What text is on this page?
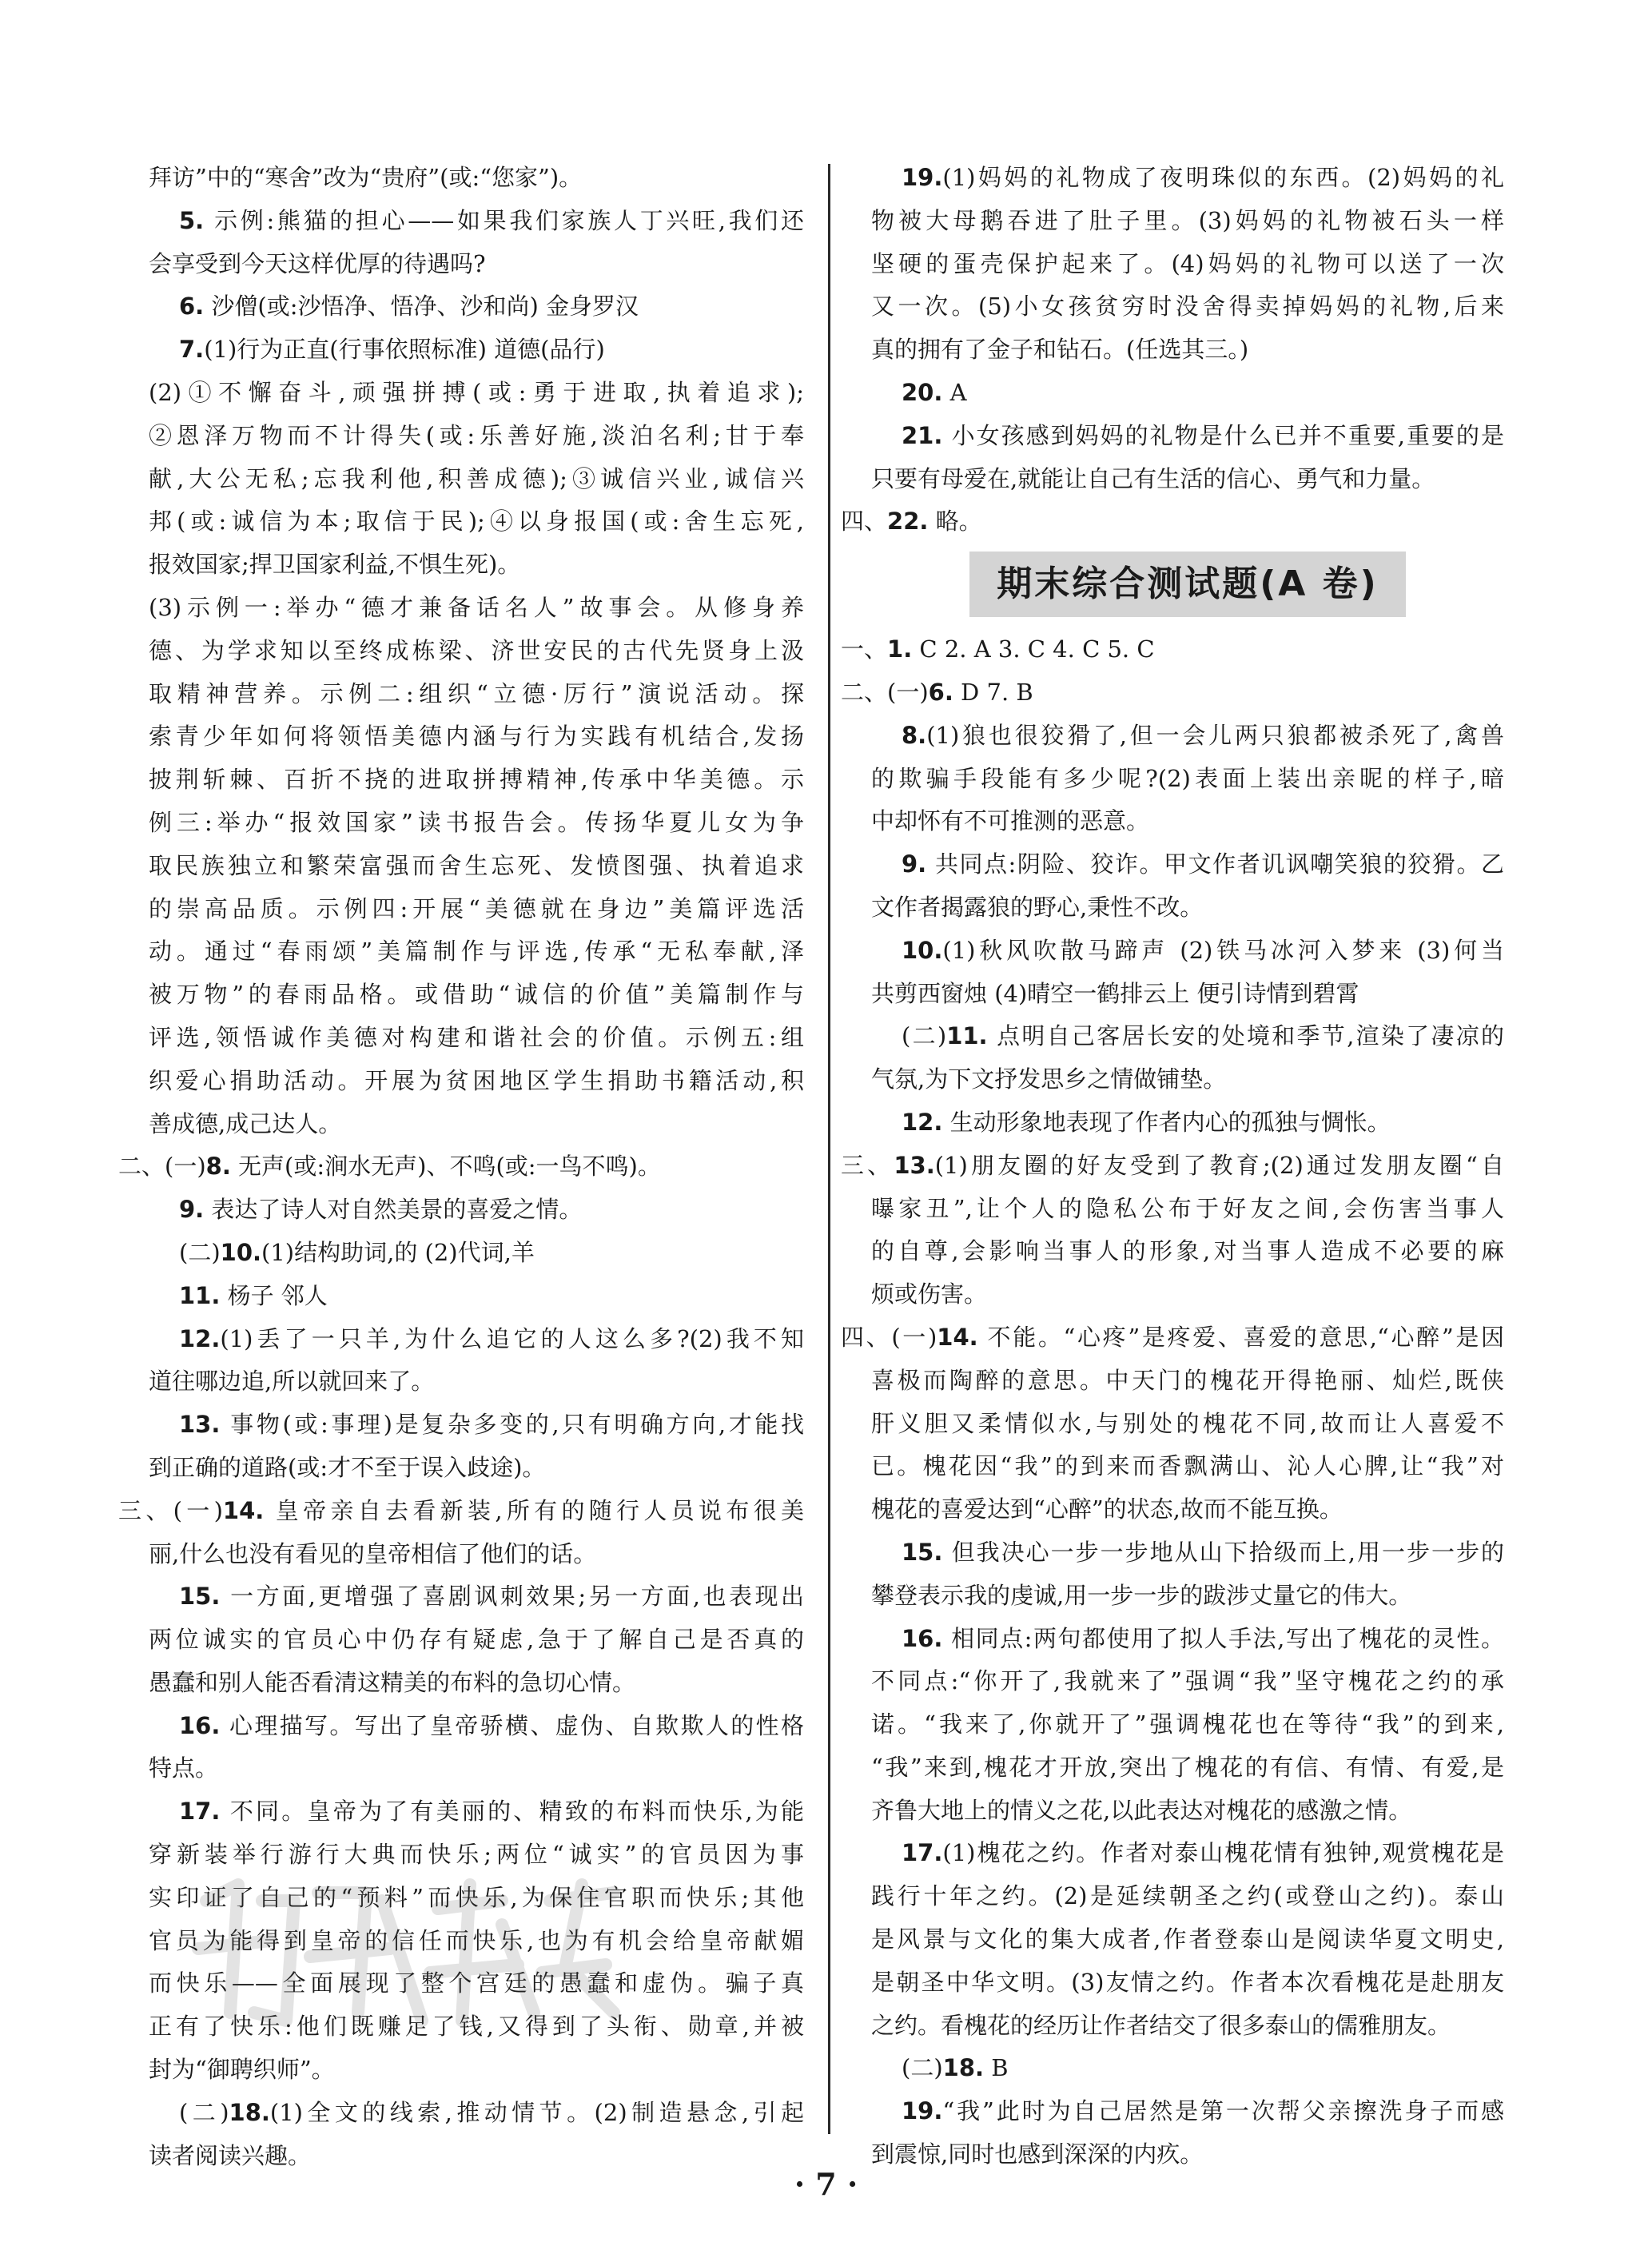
拜访”中的“寒舍”改为“贵府”(或:“您家”)。
5. 示例:熊猫的担心——如果我们家族人丁兴旺,我们还
会享受到今天这样优厚的待遇吗?
6. 沙僧(或:沙悟净、悟净、沙和尚) 金身罗汉
7.(1)行为正直(行事依照标准) 道德(品行)
(2)①不懈奋斗,顽强拼搏(或:勇于进取,执着追求);
②恩泽万物而不计得失(或:乐善好施,淡泊名利;甘于奉
献,大公无私;忘我利他,积善成德);③诚信兴业,诚信兴
邦(或:诚信为本;取信于民);④以身报国(或:舍生忘死,
报效国家;捍卫国家利益,不惧生死)。
(3)示例一:举办“德才兼备话名人”故事会。从修身养
德、为学求知以至终成栋梁、济世安民的古代先贤身上汲
取精神营养。示例二:组织“立德·厉行”演说活动。探
索青少年如何将领悟美德内涵与行为实践有机结合,发扬
披荆斩棘、百折不挠的进取拼搏精神,传承中华美德。示
例三:举办“报效国家”读书报告会。传扬华夏儿女为争
取民族独立和繁荣富强而舍生忘死、发愤图强、执着追求
的崇高品质。示例四:开展“美德就在身边”美篇评选活
动。通过“春雨颂”美篇制作与评选,传承“无私奉献,泽
被万物”的春雨品格。或借助“诚信的价值”美篇制作与
评选,领悟诚作美德对构建和谐社会的价值。示例五:组
织爱心捐助活动。开展为贫困地区学生捐助书籍活动,积
善成德,成己达人。
二、(一)8. 无声(或:涧水无声)、不鸣(或:一鸟不鸣)。
9. 表达了诗人对自然美景的喜爱之情。
(二)10.(1)结构助词,的 (2)代词,羊
11. 杨子 邻人
12.(1)丢了一只羊,为什么追它的人这么多?(2)我不知
道往哪边追,所以就回来了。
13. 事物(或:事理)是复杂多变的,只有明确方向,才能找
到正确的道路(或:才不至于误入歧途)。
三、(一)14. 皇帝亲自去看新装,所有的随行人员说布很美
丽,什么也没有看见的皇帝相信了他们的话。
15. 一方面,更增强了喜剧讽刺效果;另一方面,也表现出
两位诚实的官员心中仍存有疑虑,急于了解自己是否真的
愚蠢和别人能否看清这精美的布料的急切心情。
16. 心理描写。写出了皇帝骄横、虚伪、自欺欺人的性格
特点。
17. 不同。皇帝为了有美丽的、精致的布料而快乐,为能
穿新装举行游行大典而快乐;两位“诚实”的官员因为事
实印证了自己的“预料”而快乐,为保住官职而快乐;其他
官员为能得到皇帝的信任而快乐,也为有机会给皇帝献媚
而快乐——全面展现了整个宫廷的愚蠢和虚伪。骗子真
正有了快乐:他们既赚足了钱,又得到了头衔、勋章,并被
封为“御聘织师”。
(二)18.(1)全文的线索,推动情节。(2)制造悬念,引起
读者阅读兴趣。
19.(1)妈妈的礼物成了夜明珠似的东西。(2)妈妈的礼
物被大母鹅吞进了肚子里。(3)妈妈的礼物被石头一样
坚硬的蛋壳保护起来了。(4)妈妈的礼物可以送了一次
又一次。(5)小女孩贫穷时没舍得卖掉妈妈的礼物,后来
真的拥有了金子和钻石。(任选其三。)
20. A
21. 小女孩感到妈妈的礼物是什么已并不重要,重要的是
只要有母爱在,就能让自己有生活的信心、勇气和力量。
四、22. 略。
期末综合测试题(A 卷)
一、1. C 2. A 3. C 4. C 5. C
二、(一)6. D 7. B
8.(1)狼也很狡猾了,但一会儿两只狼都被杀死了,禽兽
的欺骗手段能有多少呢?(2)表面上装出亲昵的样子,暗
中却怀有不可推测的恶意。
9. 共同点:阴险、狡诈。甲文作者讥讽嘲笑狼的狡猾。乙
文作者揭露狼的野心,秉性不改。
10.(1)秋风吹散马蹄声 (2)铁马冰河入梦来 (3)何当
共剪西窗烛 (4)晴空一鹤排云上 便引诗情到碧霄
(二)11. 点明自己客居长安的处境和季节,渲染了凄凉的
气氛,为下文抒发思乡之情做铺垫。
12. 生动形象地表现了作者内心的孤独与惆怅。
三、13.(1)朋友圈的好友受到了教育;(2)通过发朋友圈“自
曝家丑”,让个人的隐私公布于好友之间,会伤害当事人
的自尊,会影响当事人的形象,对当事人造成不必要的麻
烦或伤害。
四、(一)14. 不能。“心疼”是疼爱、喜爱的意思,“心醉”是因
喜极而陶醉的意思。中天门的槐花开得艳丽、灿烂,既侠
肝义胆又柔情似水,与别处的槐花不同,故而让人喜爱不
已。槐花因“我”的到来而香飘满山、沁人心脾,让“我”对
槐花的喜爱达到“心醉”的状态,故而不能互换。
15. 但我决心一步一步地从山下拾级而上,用一步一步的
攀登表示我的虔诚,用一步一步的跋涉丈量它的伟大。
16. 相同点:两句都使用了拟人手法,写出了槐花的灵性。
不同点:“你开了,我就来了”强调“我”坚守槐花之约的承
诺。“我来了,你就开了”强调槐花也在等待“我”的到来,
“我”来到,槐花才开放,突出了槐花的有信、有情、有爱,是
齐鲁大地上的情义之花,以此表达对槐花的感激之情。
17.(1)槐花之约。作者对泰山槐花情有独钟,观赏槐花是
践行十年之约。(2)是延续朝圣之约(或登山之约)。泰山
是风景与文化的集大成者,作者登泰山是阅读华夏文明史,
是朝圣中华文明。(3)友情之约。作者本次看槐花是赴朋友
之约。看槐花的经历让作者结交了很多泰山的儒雅朋友。
(二)18. B
19.“我”此时为自己居然是第一次帮父亲擦洗身子而感
到震惊,同时也感到深深的内疚。
· 7 ·
